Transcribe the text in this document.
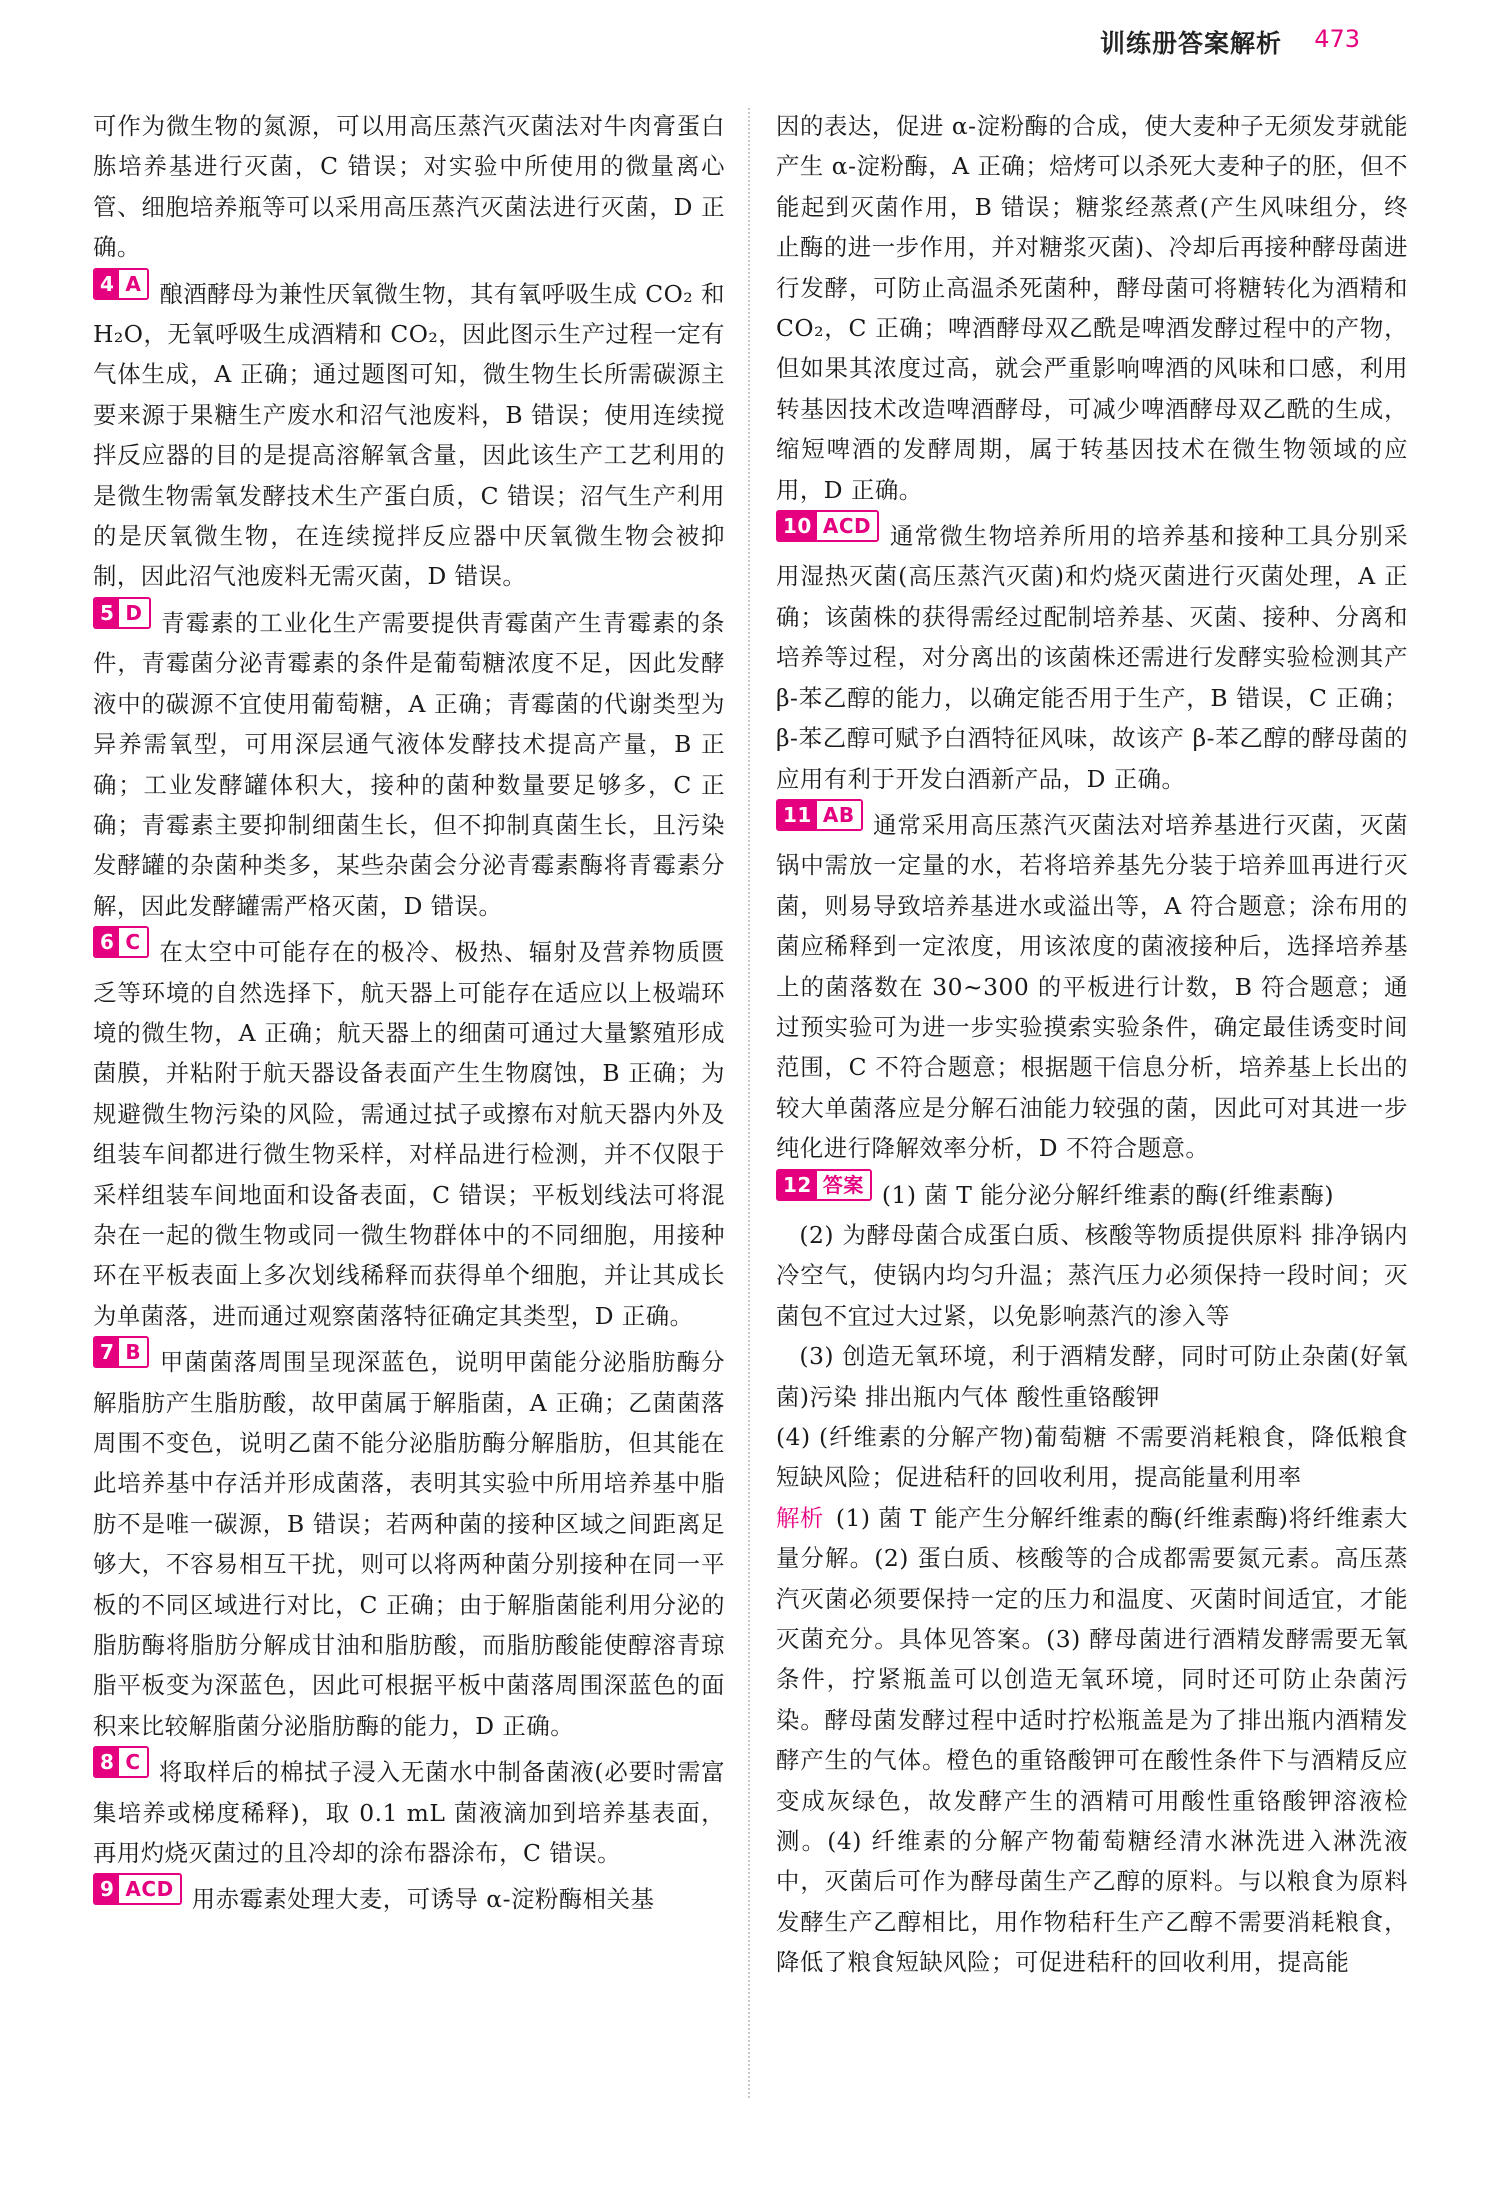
训练册答案解析 473

可作为微生物的氮源，可以用高压蒸汽灭菌法对牛肉膏蛋白胨培养基进行灭菌，C 错误；对实验中所使用的微量离心管、细胞培养瓶等可以采用高压蒸汽灭菌法进行灭菌，D 正确。

4 A 酿酒酵母为兼性厌氧微生物，其有氧呼吸生成 CO₂ 和 H₂O，无氧呼吸生成酒精和 CO₂，因此图示生产过程一定有气体生成，A 正确；通过题图可知，微生物生长所需碳源主要来源于果糖生产废水和沼气池废料，B 错误；使用连续搅拌反应器的目的是提高溶解氧含量，因此该生产工艺利用的是微生物需氧发酵技术生产蛋白质，C 错误；沼气生产利用的是厌氧微生物，在连续搅拌反应器中厌氧微生物会被抑制，因此沼气池废料无需灭菌，D 错误。

5 D 青霉素的工业化生产需要提供青霉菌产生青霉素的条件，青霉菌分泌青霉素的条件是葡萄糖浓度不足，因此发酵液中的碳源不宜使用葡萄糖，A 正确；青霉菌的代谢类型为异养需氧型，可用深层通气液体发酵技术提高产量，B 正确；工业发酵罐体积大，接种的菌种数量要足够多，C 正确；青霉素主要抑制细菌生长，但不抑制真菌生长，且污染发酵罐的杂菌种类多，某些杂菌会分泌青霉素酶将青霉素分解，因此发酵罐需严格灭菌，D 错误。

6 C 在太空中可能存在的极冷、极热、辐射及营养物质匮乏等环境的自然选择下，航天器上可能存在适应以上极端环境的微生物，A 正确；航天器上的细菌可通过大量繁殖形成菌膜，并粘附于航天器设备表面产生生物腐蚀，B 正确；为规避微生物污染的风险，需通过拭子或擦布对航天器内外及组装车间都进行微生物采样，对样品进行检测，并不仅限于采样组装车间地面和设备表面，C 错误；平板划线法可将混杂在一起的微生物或同一微生物群体中的不同细胞，用接种环在平板表面上多次划线稀释而获得单个细胞，并让其成长为单菌落，进而通过观察菌落特征确定其类型，D 正确。

7 B 甲菌菌落周围呈现深蓝色，说明甲菌能分泌脂肪酶分解脂肪产生脂肪酸，故甲菌属于解脂菌，A 正确；乙菌菌落周围不变色，说明乙菌不能分泌脂肪酶分解脂肪，但其能在此培养基中存活并形成菌落，表明其实验中所用培养基中脂肪不是唯一碳源，B 错误；若两种菌的接种区域之间距离足够大，不容易相互干扰，则可以将两种菌分别接种在同一平板的不同区域进行对比，C 正确；由于解脂菌能利用分泌的脂肪酶将脂肪分解成甘油和脂肪酸，而脂肪酸能使醇溶青琼脂平板变为深蓝色，因此可根据平板中菌落周围深蓝色的面积来比较解脂菌分泌脂肪酶的能力，D 正确。

8 C 将取样后的棉拭子浸入无菌水中制备菌液(必要时需富集培养或梯度稀释)，取 0.1 mL 菌液滴加到培养基表面，再用灼烧灭菌过的且冷却的涂布器涂布，C 错误。

9 ACD 用赤霉素处理大麦，可诱导 α-淀粉酶相关基

因的表达，促进 α-淀粉酶的合成，使大麦种子无须发芽就能产生 α-淀粉酶，A 正确；焙烤可以杀死大麦种子的胚，但不能起到灭菌作用，B 错误；糖浆经蒸煮(产生风味组分，终止酶的进一步作用，并对糖浆灭菌)、冷却后再接种酵母菌进行发酵，可防止高温杀死菌种，酵母菌可将糖转化为酒精和 CO₂，C 正确；啤酒酵母双乙酰是啤酒发酵过程中的产物，但如果其浓度过高，就会严重影响啤酒的风味和口感，利用转基因技术改造啤酒酵母，可减少啤酒酵母双乙酰的生成，缩短啤酒的发酵周期，属于转基因技术在微生物领域的应用，D 正确。

10 ACD 通常微生物培养所用的培养基和接种工具分别采用湿热灭菌(高压蒸汽灭菌)和灼烧灭菌进行灭菌处理，A 正确；该菌株的获得需经过配制培养基、灭菌、接种、分离和培养等过程，对分离出的该菌株还需进行发酵实验检测其产 β-苯乙醇的能力，以确定能否用于生产，B 错误，C 正确；β-苯乙醇可赋予白酒特征风味，故该产 β-苯乙醇的酵母菌的应用有利于开发白酒新产品，D 正确。

11 AB 通常采用高压蒸汽灭菌法对培养基进行灭菌，灭菌锅中需放一定量的水，若将培养基先分装于培养皿再进行灭菌，则易导致培养基进水或溢出等，A 符合题意；涂布用的菌应稀释到一定浓度，用该浓度的菌液接种后，选择培养基上的菌落数在 30~300 的平板进行计数，B 符合题意；通过预实验可为进一步实验摸索实验条件，确定最佳诱变时间范围，C 不符合题意；根据题干信息分析，培养基上长出的较大单菌落应是分解石油能力较强的菌，因此可对其进一步纯化进行降解效率分析，D 不符合题意。

12 答案 (1) 菌 T 能分泌分解纤维素的酶(纤维素酶)

(2) 为酵母菌合成蛋白质、核酸等物质提供原料 排净锅内冷空气，使锅内均匀升温；蒸汽压力必须保持一段时间；灭菌包不宜过大过紧，以免影响蒸汽的渗入等

(3) 创造无氧环境，利于酒精发酵，同时可防止杂菌(好氧菌)污染 排出瓶内气体 酸性重铬酸钾

(4) (纤维素的分解产物)葡萄糖 不需要消耗粮食，降低粮食短缺风险；促进秸秆的回收利用，提高能量利用率

解析 (1) 菌 T 能产生分解纤维素的酶(纤维素酶)将纤维素大量分解。(2) 蛋白质、核酸等的合成都需要氮元素。高压蒸汽灭菌必须要保持一定的压力和温度、灭菌时间适宜，才能灭菌充分。具体见答案。(3) 酵母菌进行酒精发酵需要无氧条件，拧紧瓶盖可以创造无氧环境，同时还可防止杂菌污染。酵母菌发酵过程中适时拧松瓶盖是为了排出瓶内酒精发酵产生的气体。橙色的重铬酸钾可在酸性条件下与酒精反应变成灰绿色，故发酵产生的酒精可用酸性重铬酸钾溶液检测。(4) 纤维素的分解产物葡萄糖经清水淋洗进入淋洗液中，灭菌后可作为酵母菌生产乙醇的原料。与以粮食为原料发酵生产乙醇相比，用作物秸秆生产乙醇不需要消耗粮食，降低了粮食短缺风险；可促进秸秆的回收利用，提高能
